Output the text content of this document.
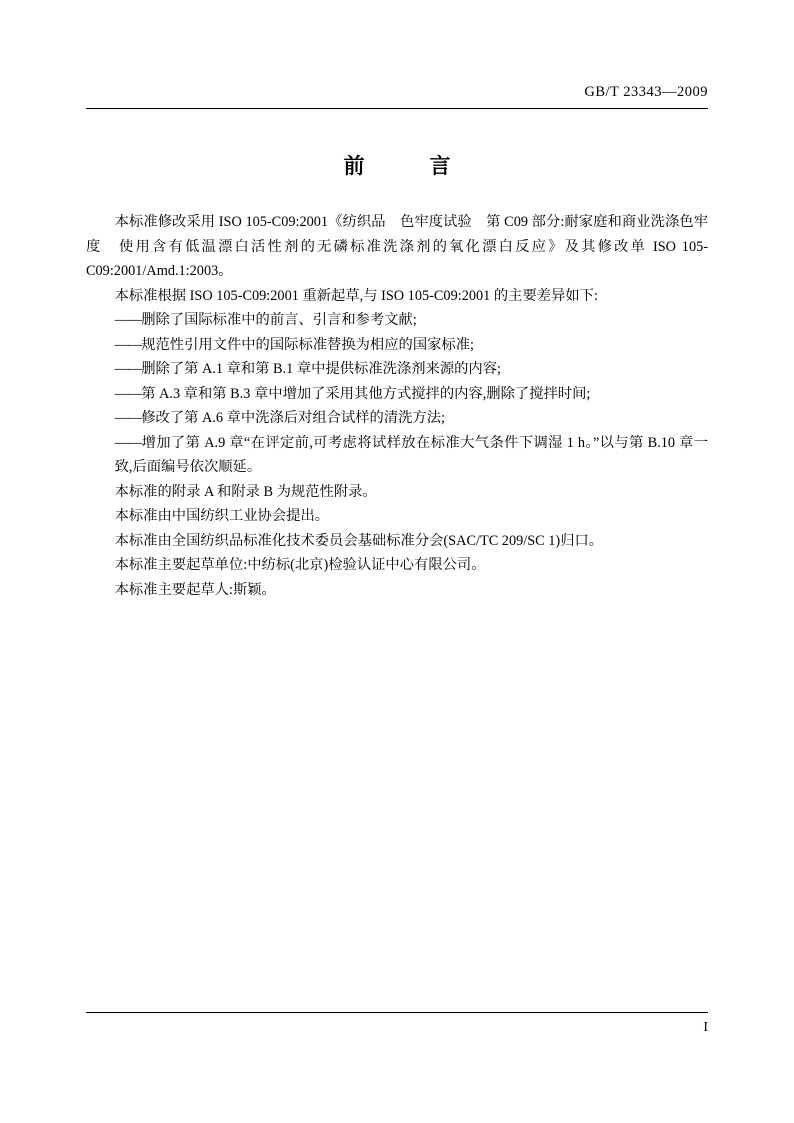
GB/T 23343—2009
前　言

本标准修改采用 ISO 105-C09:2001《纺织品　色牢度试验　第 C09 部分:耐家庭和商业洗涤色牢度　使用含有低温漂白活性剂的无磷标准洗涤剂的氧化漂白反应》及其修改单 ISO 105-C09:2001/Amd.1:2003。

本标准根据 ISO 105-C09:2001 重新起草,与 ISO 105-C09:2001 的主要差异如下:

——删除了国际标准中的前言、引言和参考文献;

——规范性引用文件中的国际标准替换为相应的国家标准;

——删除了第 A.1 章和第 B.1 章中提供标准洗涤剂来源的内容;

——第 A.3 章和第 B.3 章中增加了采用其他方式搅拌的内容,删除了搅拌时间;

——修改了第 A.6 章中洗涤后对组合试样的清洗方法;

——增加了第 A.9 章“在评定前,可考虑将试样放在标准大气条件下调湿 1 h。”以与第 B.10 章一致,后面编号依次顺延。

本标准的附录 A 和附录 B 为规范性附录。

本标准由中国纺织工业协会提出。

本标准由全国纺织品标准化技术委员会基础标准分会(SAC/TC 209/SC 1)归口。

本标准主要起草单位:中纺标(北京)检验认证中心有限公司。

本标准主要起草人:斯颖。

I
